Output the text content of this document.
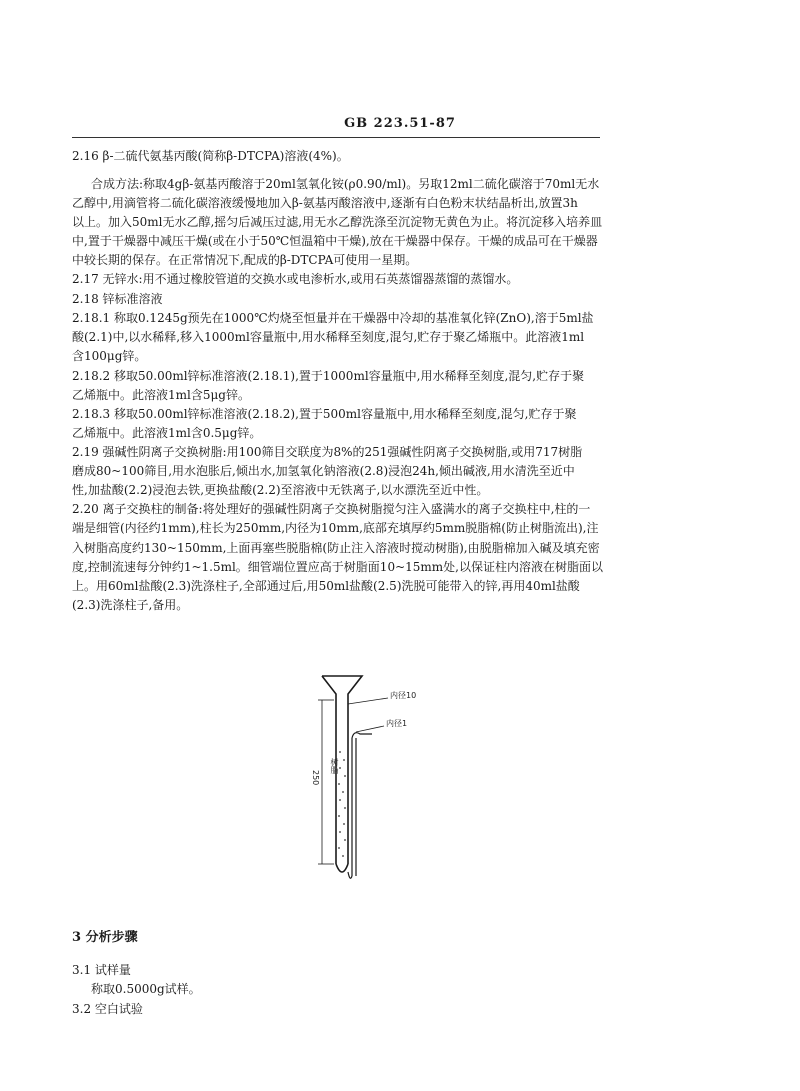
GB 223.51-87
2.16 β-二硫代氨基丙酸(简称β-DTCPA)溶液(4%)。
合成方法:称取4gβ-氨基丙酸溶于20ml氢氧化铵(ρ0.90/ml)。另取12ml二硫化碳溶于70ml无水
乙醇中,用滴管将二硫化碳溶液缓慢地加入β-氨基丙酸溶液中,逐渐有白色粉末状结晶析出,放置3h
以上。加入50ml无水乙醇,摇匀后减压过滤,用无水乙醇洗涤至沉淀物无黄色为止。将沉淀移入培养皿
中,置于干燥器中减压干燥(或在小于50℃恒温箱中干燥),放在干燥器中保存。干燥的成品可在干燥器
中较长期的保存。在正常情况下,配成的β-DTCPA可使用一星期。
2.17 无锌水:用不通过橡胶管道的交换水或电渗析水,或用石英蒸馏器蒸馏的蒸馏水。
2.18 锌标准溶液
2.18.1 称取0.1245g预先在1000℃灼烧至恒量并在干燥器中冷却的基准氧化锌(ZnO),溶于5ml盐
酸(2.1)中,以水稀释,移入1000ml容量瓶中,用水稀释至刻度,混匀,贮存于聚乙烯瓶中。此溶液1ml
含100μg锌。
2.18.2 移取50.00ml锌标准溶液(2.18.1),置于1000ml容量瓶中,用水稀释至刻度,混匀,贮存于聚
乙烯瓶中。此溶液1ml含5μg锌。
2.18.3 移取50.00ml锌标准溶液(2.18.2),置于500ml容量瓶中,用水稀释至刻度,混匀,贮存于聚
乙烯瓶中。此溶液1ml含0.5μg锌。
2.19 强碱性阴离子交换树脂:用100筛目交联度为8%的251强碱性阴离子交换树脂,或用717树脂
磨成80~100筛目,用水泡胀后,倾出水,加氢氧化钠溶液(2.8)浸泡24h,倾出碱液,用水清洗至近中
性,加盐酸(2.2)浸泡去铁,更换盐酸(2.2)至溶液中无铁离子,以水漂洗至近中性。
2.20 离子交换柱的制备:将处理好的强碱性阴离子交换树脂搅匀注入盛满水的离子交换柱中,柱的一
端是细管(内径约1mm),柱长为250mm,内径为10mm,底部充填厚约5mm脱脂棉(防止树脂流出),注
入树脂高度约130~150mm,上面再塞些脱脂棉(防止注入溶液时搅动树脂),由脱脂棉加入碱及填充密
度,控制流速每分钟约1~1.5ml。细管端位置应高于树脂面10~15mm处,以保证柱内溶液在树脂面以
上。用60ml盐酸(2.3)洗涤柱子,全部通过后,用50ml盐酸(2.5)洗脱可能带入的锌,再用40ml盐酸
(2.3)洗涤柱子,备用。
内径10
内径1
250
树脂
3 分析步骤
3.1 试样量
称取0.5000g试样。
3.2 空白试验
